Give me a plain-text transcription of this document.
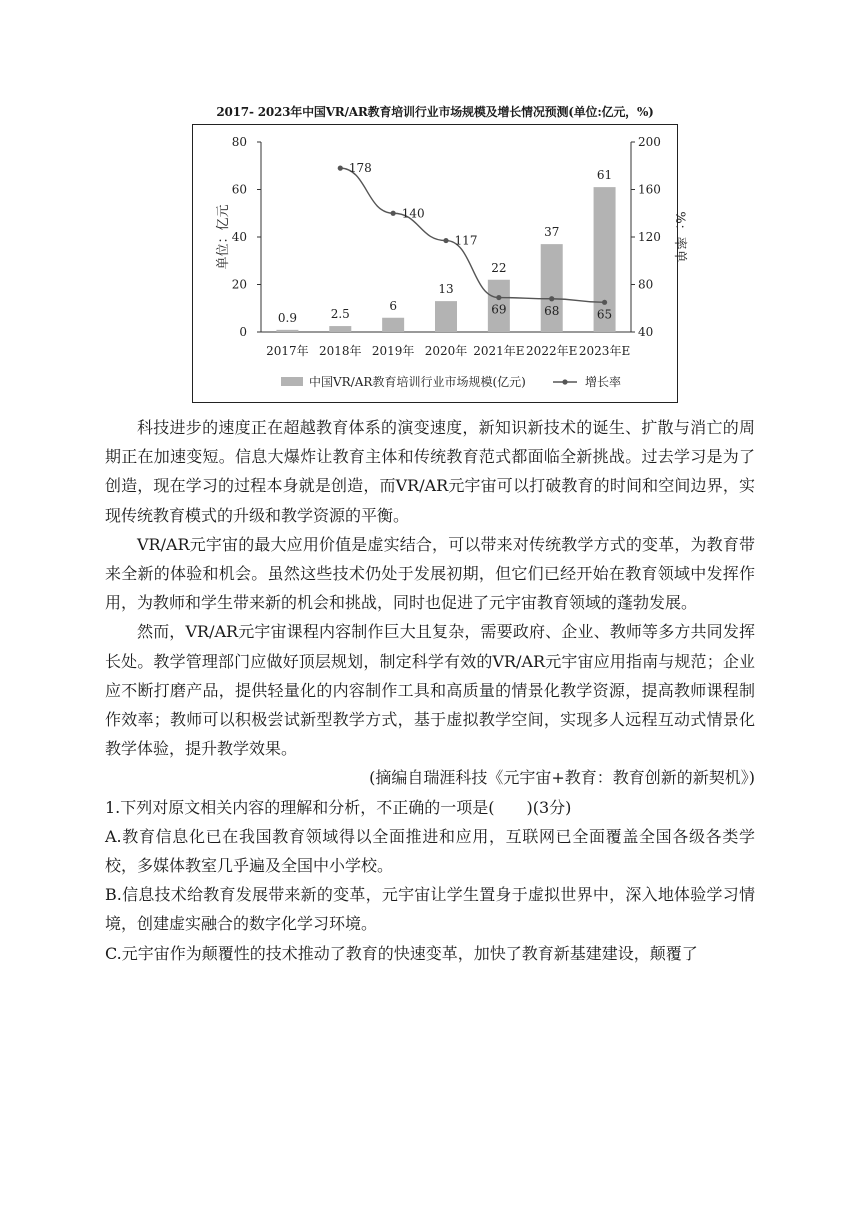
2017- 2023年中国VR/AR教育培训行业市场规模及增长情况预测(单位:亿元，%)
0
20
40
60
80
40
80
120
160
200
单位：亿元	%：率单
0.9	2.5
6
13
22
37
61
178
140
117
69	68	65
2017年 2018年 2019年 2020年 2021年E 2022年E 2023年E
中国VR/AR教育培训行业市场规模(亿元)	增长率

科技进步的速度正在超越教育体系的演变速度，新知识新技术的诞生、扩散与消亡的周期正在加速变短。信息大爆炸让教育主体和传统教育范式都面临全新挑战。过去学习是为了创造，现在学习的过程本身就是创造，而VR/AR元宇宙可以打破教育的时间和空间边界，实现传统教育模式的升级和教学资源的平衡。

VR/AR元宇宙的最大应用价值是虚实结合，可以带来对传统教学方式的变革，为教育带来全新的体验和机会。虽然这些技术仍处于发展初期，但它们已经开始在教育领域中发挥作用，为教师和学生带来新的机会和挑战，同时也促进了元宇宙教育领域的蓬勃发展。

然而，VR/AR元宇宙课程内容制作巨大且复杂，需要政府、企业、教师等多方共同发挥长处。教学管理部门应做好顶层规划，制定科学有效的VR/AR元宇宙应用指南与规范；企业应不断打磨产品，提供轻量化的内容制作工具和高质量的情景化教学资源，提高教师课程制作效率；教师可以积极尝试新型教学方式，基于虚拟教学空间，实现多人远程互动式情景化教学体验，提升教学效果。

(摘编自瑞涯科技《元宇宙+教育：教育创新的新契机》)

1.下列对原文相关内容的理解和分析，不正确的一项是(　　)(3分)

A.教育信息化已在我国教育领域得以全面推进和应用，互联网已全面覆盖全国各级各类学校，多媒体教室几乎遍及全国中小学校。

B.信息技术给教育发展带来新的变革，元宇宙让学生置身于虚拟世界中，深入地体验学习情境，创建虚实融合的数字化学习环境。

C.元宇宙作为颠覆性的技术推动了教育的快速变革，加快了教育新基建建设，颠覆了
